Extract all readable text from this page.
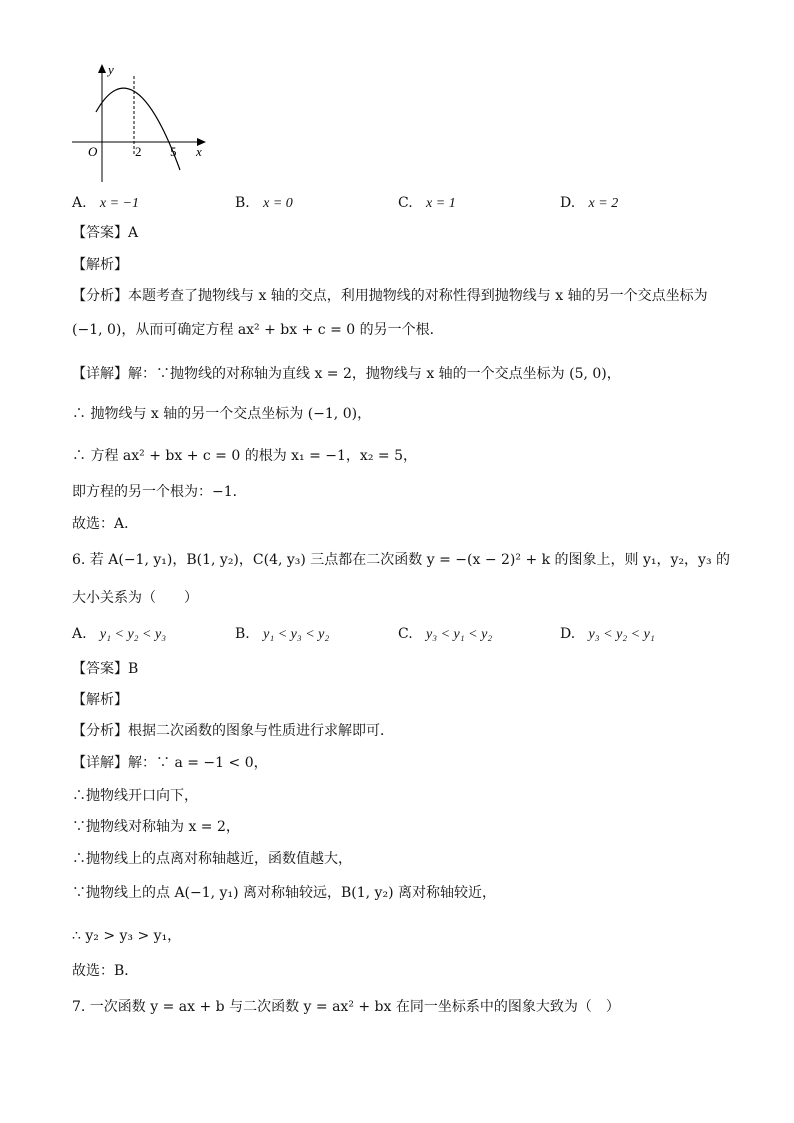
y
x
O	2 5
A. x = −1	B. x = 0	C. x = 1	D. x = 2
【答案】A
【解析】
【分析】本题考查了抛物线与 x 轴的交点，利用抛物线的对称性得到抛物线与 x 轴的另一个交点坐标为
(−1, 0)，从而可确定方程 ax² + bx + c = 0 的另一个根．
【详解】解：∵抛物线的对称轴为直线 x = 2，抛物线与 x 轴的一个交点坐标为 (5, 0)，
∴ 抛物线与 x 轴的另一个交点坐标为 (−1, 0)，
∴ 方程 ax² + bx + c = 0 的根为 x₁ = −1，x₂ = 5，
即方程的另一个根为：−1．
故选：A．
6. 若 A(−1, y₁)，B(1, y₂)，C(4, y₃) 三点都在二次函数 y = −(x − 2)² + k 的图象上，则 y₁，y₂，y₃ 的
大小关系为（　　）
A. y₁ < y₂ < y₃	B. y₁ < y₃ < y₂	C. y₃ < y₁ < y₂	D. y₃ < y₂ < y₁
【答案】B
【解析】
【分析】根据二次函数的图象与性质进行求解即可．
【详解】解：∵ a = −1 < 0，
∴抛物线开口向下，
∵抛物线对称轴为 x = 2，
∴抛物线上的点离对称轴越近，函数值越大，
∵抛物线上的点 A(−1, y₁) 离对称轴较远，B(1, y₂) 离对称轴较近，
∴ y₂ > y₃ > y₁，
故选：B．
7. 一次函数 y = ax + b 与二次函数 y = ax² + bx 在同一坐标系中的图象大致为（　）
